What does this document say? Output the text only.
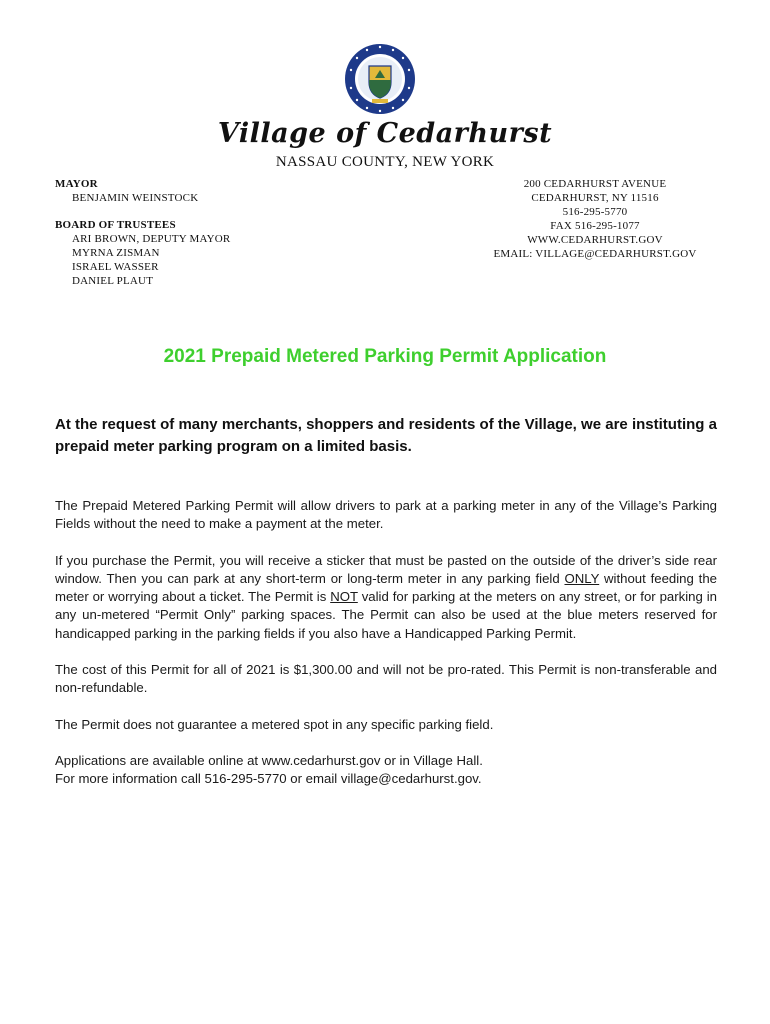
Village of Cedarhurst
NASSAU COUNTY, NEW YORK
MAYOR
BENJAMIN WEINSTOCK
BOARD OF TRUSTEES
ARI BROWN, DEPUTY MAYOR
MYRNA ZISMAN
ISRAEL WASSER
DANIEL PLAUT
200 CEDARHURST AVENUE
CEDARHURST, NY 11516
516-295-5770
FAX 516-295-1077
WWW.CEDARHURST.GOV
EMAIL: VILLAGE@CEDARHURST.GOV
2021 Prepaid Metered Parking Permit Application
At the request of many merchants, shoppers and residents of the Village, we are instituting a prepaid meter parking program on a limited basis.

The Prepaid Metered Parking Permit will allow drivers to park at a parking meter in any of the Village’s Parking Fields without the need to make a payment at the meter.

If you purchase the Permit, you will receive a sticker that must be pasted on the outside of the driver’s side rear window. Then you can park at any short-term or long-term meter in any parking field ONLY without feeding the meter or worrying about a ticket. The Permit is NOT valid for parking at the meters on any street, or for parking in any un-metered “Permit Only” parking spaces. The Permit can also be used at the blue meters reserved for handicapped parking in the parking fields if you also have a Handicapped Parking Permit.

The cost of this Permit for all of 2021 is $1,300.00 and will not be pro-rated. This Permit is non-transferable and non-refundable.

The Permit does not guarantee a metered spot in any specific parking field.

Applications are available online at www.cedarhurst.gov or in Village Hall.
For more information call 516-295-5770 or email village@cedarhurst.gov.
